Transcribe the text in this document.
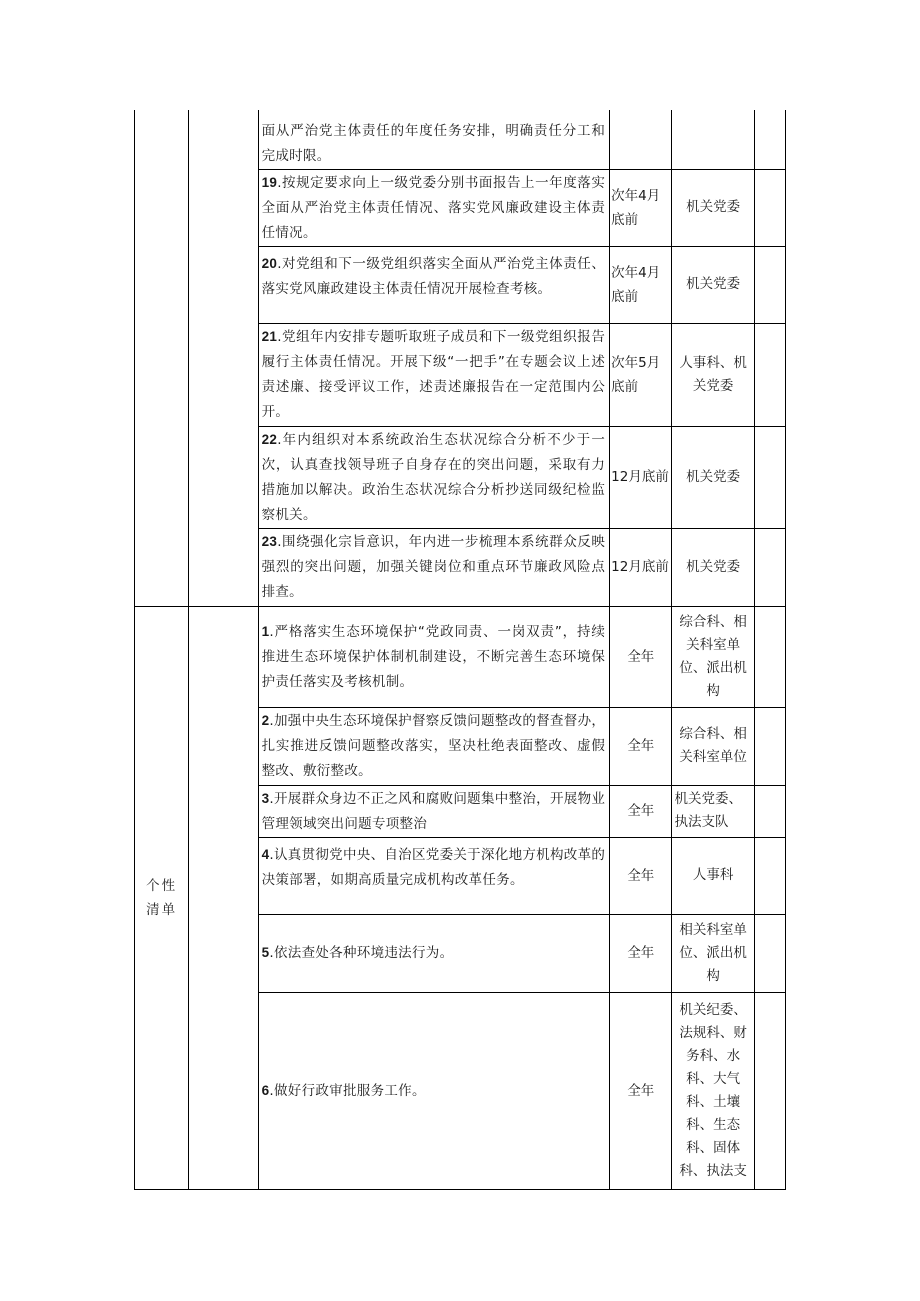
		面从严治党主体责任的年度任务安排，明确责任分工和完成时限。			
		19.按规定要求向上一级党委分别书面报告上一年度落实全面从严治党主体责任情况、落实党风廉政建设主体责任情况。	次年4月底前	机关党委	
		20.对党组和下一级党组织落实全面从严治党主体责任、落实党风廉政建设主体责任情况开展检查考核。	次年4月底前	机关党委	
		21.党组年内安排专题听取班子成员和下一级党组织报告履行主体责任情况。开展下级“一把手”在专题会议上述责述廉、接受评议工作，述责述廉报告在一定范围内公开。	次年5月底前	人事科、机关党委	
		22.年内组织对本系统政治生态状况综合分析不少于一次，认真查找领导班子自身存在的突出问题，采取有力措施加以解决。政治生态状况综合分析抄送同级纪检监察机关。	12月底前	机关党委	
		23.围绕强化宗旨意识，年内进一步梳理本系统群众反映强烈的突出问题，加强关键岗位和重点环节廉政风险点排查。	12月底前	机关党委	
个性清单		1.严格落实生态环境保护“党政同责、一岗双责”，持续推进生态环境保护体制机制建设，不断完善生态环境保护责任落实及考核机制。	全年	综合科、相关科室单位、派出机构	
		2.加强中央生态环境保护督察反馈问题整改的督查督办，扎实推进反馈问题整改落实，坚决杜绝表面整改、虚假整改、敷衍整改。	全年	综合科、相关科室单位	
		3.开展群众身边不正之风和腐败问题集中整治，开展物业管理领域突出问题专项整治	全年	机关党委、执法支队	
		4.认真贯彻党中央、自治区党委关于深化地方机构改革的决策部署，如期高质量完成机构改革任务。	全年	人事科	
		5.依法查处各种环境违法行为。	全年	相关科室单位、派出机构	
		6.做好行政审批服务工作。	全年	机关纪委、法规科、财务科、水科、大气科、土壤科、生态科、固体科、执法支	
